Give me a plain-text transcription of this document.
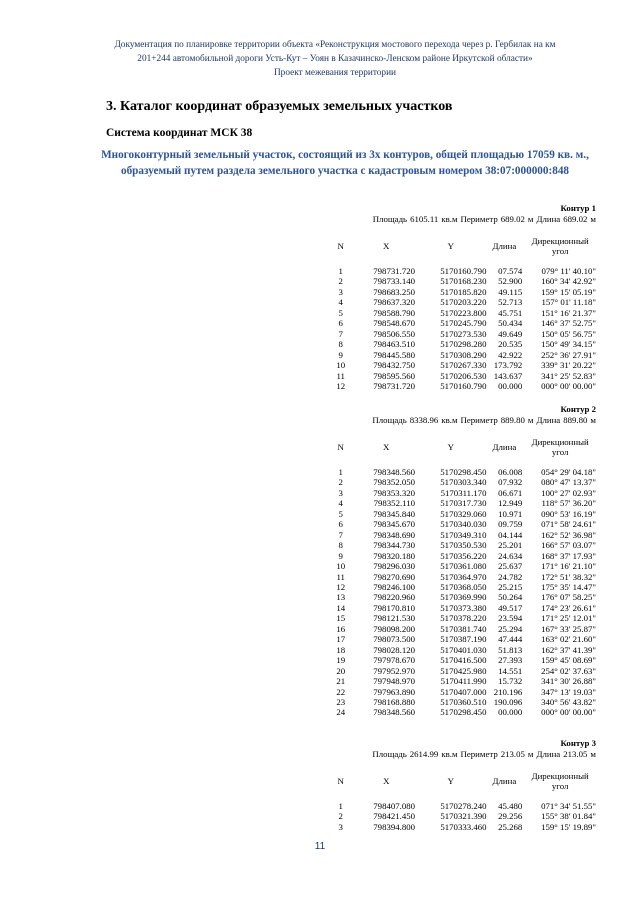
Документация по планировке территории объекта «Реконструкция мостового перехода через р. Гербилак на км
201+244 автомобильной дороги Усть-Кут – Уоян в Казачинско-Ленском районе Иркутской области»
Проект межевания территории
3. Каталог координат образуемых земельных участков
Система координат МСК 38
Многоконтурный земельный участок, состоящий из 3х контуров, общей площадью 17059 кв. м., образуемый путем раздела земельного участка с кадастровым номером 38:07:000000:848
Контур 1
Площадь 6105.11 кв.м Периметр 689.02 м Длина 689.02 м
N	X	Y	Длина	Дирекционный угол

1	798731.720	5170160.790	07.574	079° 11' 40.10"
2	798733.140	5170168.230	52.900	160° 34' 42.92"
3	798683.250	5170185.820	49.115	159° 15' 05.19"
4	798637.320	5170203.220	52.713	157° 01' 11.18"
5	798588.790	5170223.800	45.751	151° 16' 21.37"
6	798548.670	5170245.790	50.434	146° 37' 52.75"
7	798506.550	5170273.530	49.649	150° 05' 56.75"
8	798463.510	5170298.280	20.535	150° 49' 34.15"
9	798445.580	5170308.290	42.922	252° 36' 27.91"
10	798432.750	5170267.330	173.792	339° 31' 20.22"
11	798595.560	5170206.530	143.637	341° 25' 52.83"
12	798731.720	5170160.790	00.000	000° 00' 00.00"
Контур 2
Площадь 8338.96 кв.м Периметр 889.80 м Длина 889.80 м
N	X	Y	Длина	Дирекционный угол

1	798348.560	5170298.450	06.008	054° 29' 04.18"
2	798352.050	5170303.340	07.932	080° 47' 13.37"
3	798353.320	5170311.170	06.671	100° 27' 02.93"
4	798352.110	5170317.730	12.949	118° 57' 36.20"
5	798345.840	5170329.060	10.971	090° 53' 16.19"
6	798345.670	5170340.030	09.759	071° 58' 24.61"
7	798348.690	5170349.310	04.144	162° 52' 36.98"
8	798344.730	5170350.530	25.201	166° 57' 03.07"
9	798320.180	5170356.220	24.634	168° 37' 17.93"
10	798296.030	5170361.080	25.637	171° 16' 21.10"
11	798270.690	5170364.970	24.782	172° 51' 38.32"
12	798246.100	5170368.050	25.215	175° 35' 14.47"
13	798220.960	5170369.990	50.264	176° 07' 58.25"
14	798170.810	5170373.380	49.517	174° 23' 26.61"
15	798121.530	5170378.220	23.594	171° 25' 12.01"
16	798098.200	5170381.740	25.294	167° 33' 25.87"
17	798073.500	5170387.190	47.444	163° 02' 21.60"
18	798028.120	5170401.030	51.813	162° 37' 41.39"
19	797978.670	5170416.500	27.393	159° 45' 08.69"
20	797952.970	5170425.980	14.551	254° 02' 37.63"
21	797948.970	5170411.990	15.732	341° 30' 26.88"
22	797963.890	5170407.000	210.196	347° 13' 19.03"
23	798168.880	5170360.510	190.096	340° 56' 43.82"
24	798348.560	5170298.450	00.000	000° 00' 00.00"
Контур 3
Площадь 2614.99 кв.м Периметр 213.05 м Длина 213.05 м
N	X	Y	Длина	Дирекционный угол

1	798407.080	5170278.240	45.480	071° 34' 51.55"
2	798421.450	5170321.390	29.256	155° 38' 01.84"
3	798394.800	5170333.460	25.268	159° 15' 19.89"
11
